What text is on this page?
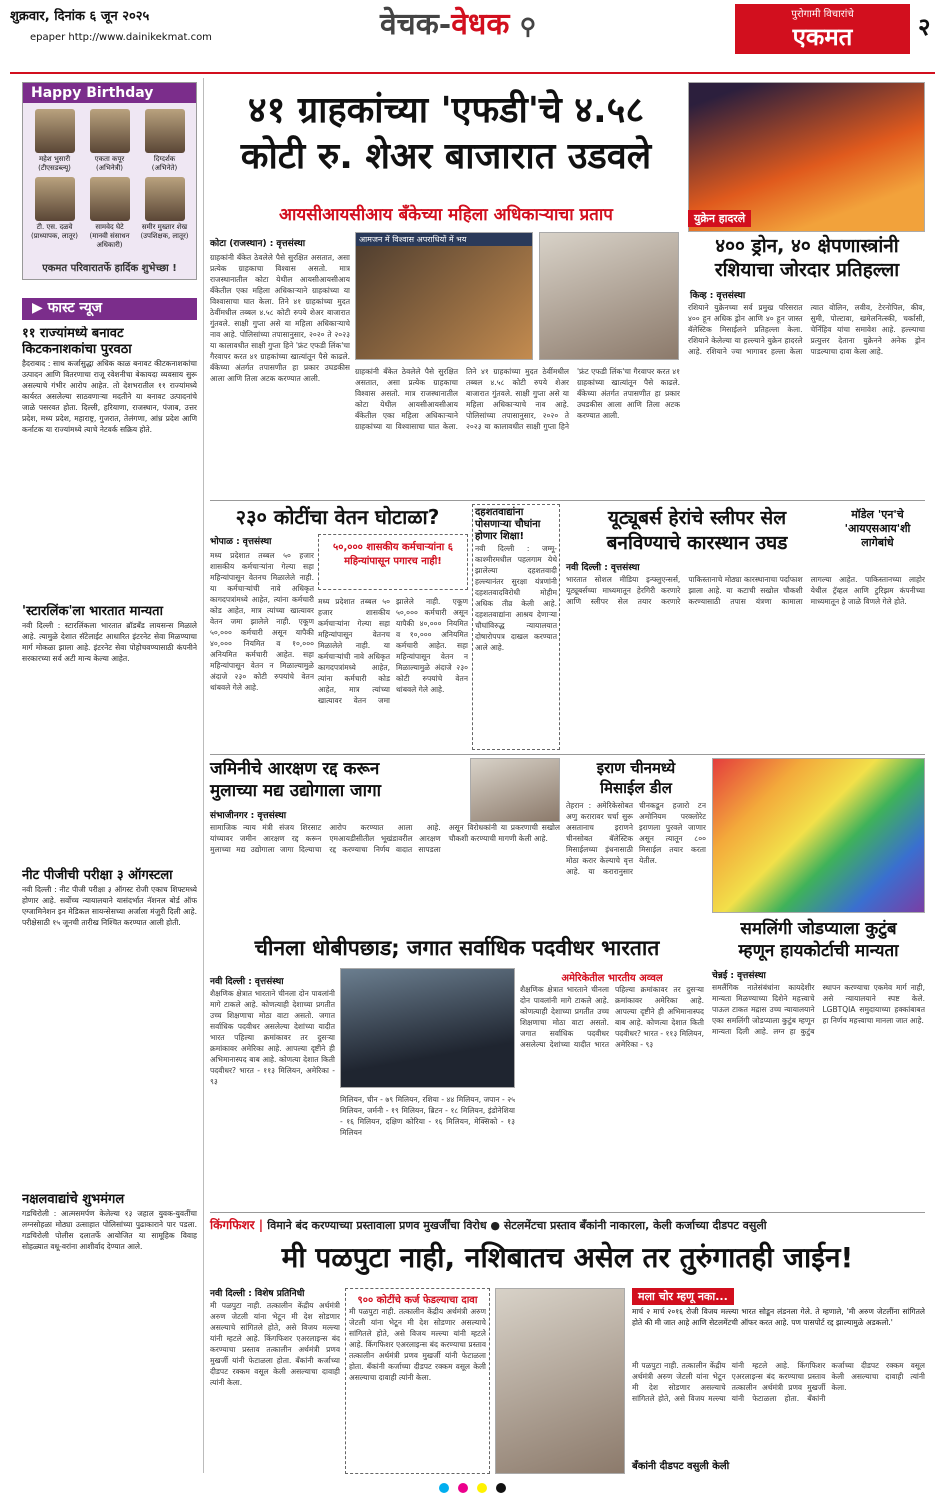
शुक्रवार, दिनांक ६ जून २०२५
epaper http://www.dainikekmat.com	वेचक-वेधक ⚲	पुरोगामी विचारांचे
एकमत	२
Happy Birthday
महेश भुसारी
(टीएसडब्ल्यू)
एकता कपूर
(अभिनेत्री)
दिग्दर्शक
(अभिनेते)
टी. एस. दळवे
(प्राध्यापक, लातूर)
सामवेद घेटे
(मानवी संसाधन अधिकारी)
समीर मुख्तार शेख
(उपशिक्षक, लातूर)
एकमत परिवारातर्फे हार्दिक शुभेच्छा !
▶ फास्ट न्यूज
११ राज्यांमध्ये बनावट किटकनाशकांचा पुरवठा
हैदराबाद : साथ कर्जासुद्धा अधिक काळ बनावट कीटकनाशकांचा उत्पादन आणि वितरणाचा राजू रवेशनीचा बेकायदा व्यवसाय सुरू असल्याचे गंभीर आरोप आहेत. तो देशभरातील ११ राज्यांमध्ये कार्यरत असलेल्या साठवणाऱ्या मदतीने या बनावट उत्पादनांचे जाळे पसरवत होता. दिल्ली, हरियाणा, राजस्थान, पंजाब, उत्तर प्रदेश, मध्य प्रदेश, महाराष्ट्र, गुजरात, तेलंगणा, आंध्र प्रदेश आणि कर्नाटक या राज्यांमध्ये त्याचे नेटवर्क सक्रिय होते.
'स्टारलिंक'ला भारतात मान्यता
नवी दिल्ली : स्टारलिंकला भारतात ब्रॉडबँड लायसन्स मिळाले आहे. त्यामुळे देशात सॅटेलाईट आधारित इंटरनेट सेवा मिळण्याचा मार्ग मोकळा झाला आहे. इंटरनेट सेवा पोहोचवण्यासाठी कंपनीने सरकारच्या सर्व अटी मान्य केल्या आहेत.
नीट पीजीची परीक्षा ३ ऑगस्टला
नवी दिल्ली : नीट पीजी परीक्षा ३ ऑगस्ट रोजी एकाच शिफ्टमध्ये होणार आहे. सर्वोच्च न्यायालयाने यासंदर्भात नॅशनल बोर्ड ऑफ एग्जामिनेशन इन मेडिकल सायन्सेसच्या अर्जाला मंजुरी दिली आहे. परीक्षेसाठी १५ जूनची तारीख निश्चित करण्यात आली होती.
नक्षलवाद्यांचे शुभमंगल
गडचिरोली : आत्मसमर्पण केलेल्या १३ जहाल युवक-युवतींचा लग्नसोहळा मोठ्या उत्साहात पोलिसांच्या पुढाकाराने पार पडला. गडचिरोली पोलीस दलातर्फे आयोजित या सामूहिक विवाह सोहळ्यात वधू-वरांना आशीर्वाद देण्यात आले.
४१ ग्राहकांच्या 'एफडी'चे ४.५८
कोटी रु. शेअर बाजारात उडवले
आयसीआयसीआय बँकेच्या महिला अधिकाऱ्याचा प्रताप
कोटा (राजस्थान) : वृत्तसंस्था	आमजन में विश्वास अपराधियों में भय
ग्राहकांनी बँकेत ठेवलेले पैसे सुरक्षित असतात, असा प्रत्येक ग्राहकाचा विश्वास असतो. मात्र राजस्थानातील कोटा येथील आयसीआयसीआय बँकेतील एका महिला अधिकाऱ्याने ग्राहकांच्या या विश्वासाचा घात केला. तिने ४१ ग्राहकांच्या मुदत ठेवींमधील तब्बल ४.५८ कोटी रुपये शेअर बाजारात गुंतवले. साक्षी गुप्ता असे या महिला अधिकाऱ्याचे नाव आहे. पोलिसांच्या तपासानुसार, २०२० ते २०२३ या कालावधीत साक्षी गुप्ता हिने 'फ्रंट एफडी लिंक'चा गैरवापर करत ४१ ग्राहकांच्या खात्यांतून पैसे काढले. बँकेच्या अंतर्गत तपासणीत हा प्रकार उघडकीस आला आणि तिला अटक करण्यात आली.
ग्राहकांनी बँकेत ठेवलेले पैसे सुरक्षित असतात, असा प्रत्येक ग्राहकाचा विश्वास असतो. मात्र राजस्थानातील कोटा येथील आयसीआयसीआय बँकेतील एका महिला अधिकाऱ्याने ग्राहकांच्या या विश्वासाचा घात केला. तिने ४१ ग्राहकांच्या मुदत ठेवींमधील तब्बल ४.५८ कोटी रुपये शेअर बाजारात गुंतवले. साक्षी गुप्ता असे या महिला अधिकाऱ्याचे नाव आहे. पोलिसांच्या तपासानुसार, २०२० ते २०२३ या कालावधीत साक्षी गुप्ता हिने 'फ्रंट एफडी लिंक'चा गैरवापर करत ४१ ग्राहकांच्या खात्यांतून पैसे काढले. बँकेच्या अंतर्गत तपासणीत हा प्रकार उघडकीस आला आणि तिला अटक करण्यात आली.
युक्रेन हादरले
४०० ड्रोन, ४० क्षेपणास्त्रांनी
रशियाचा जोरदार प्रतिहल्ला
किव्ह : वृत्तसंस्था
रशियाने युक्रेनच्या सर्व प्रमुख परिसरात ४०० हून अधिक ड्रोन आणि ४० हून जास्त बॅलेस्टिक मिसाईलने प्रतिहल्ला केला. रशियाने केलेल्या या हल्ल्याने युक्रेन हादरले आहे. रशियाने ज्या भागावर हल्ला केला त्यात वोलिन, लवीव, टेरनोपिल, कीव, सुमी, पोल्टावा, खमेलनित्स्की, चर्कासी, चेर्निहिव यांचा समावेश आहे. हल्ल्याचा प्रत्युत्तर देताना युक्रेनने अनेक ड्रोन पाडल्याचा दावा केला आहे.
२३० कोटींचा वेतन घोटाळा?
भोपाळ : वृत्तसंस्था	५०,००० शासकीय कर्मचाऱ्यांना ६ महिन्यांपासून पगारच नाही!
मध्य प्रदेशात तब्बल ५० हजार शासकीय कर्मचाऱ्यांना गेल्या सहा महिन्यांपासून वेतनच मिळालेले नाही. या कर्मचाऱ्यांची नावे अधिकृत कागदपत्रांमध्ये आहेत, त्यांना कर्मचारी कोड आहेत, मात्र त्यांच्या खात्यावर वेतन जमा झालेले नाही. एकूण ५०,००० कर्मचारी असून यापैकी ४०,००० नियमित व १०,००० अनियमित कर्मचारी आहेत. सहा महिन्यांपासून वेतन न मिळाल्यामुळे अंदाजे २३० कोटी रुपयांचे वेतन थांबवले गेले आहे.
मध्य प्रदेशात तब्बल ५० हजार शासकीय कर्मचाऱ्यांना गेल्या सहा महिन्यांपासून वेतनच मिळालेले नाही. या कर्मचाऱ्यांची नावे अधिकृत कागदपत्रांमध्ये आहेत, त्यांना कर्मचारी कोड आहेत, मात्र त्यांच्या खात्यावर वेतन जमा झालेले नाही. एकूण ५०,००० कर्मचारी असून यापैकी ४०,००० नियमित व १०,००० अनियमित कर्मचारी आहेत. सहा महिन्यांपासून वेतन न मिळाल्यामुळे अंदाजे २३० कोटी रुपयांचे वेतन थांबवले गेले आहे.
दहशतवाद्यांना पोसणाऱ्या चौघांना होणार शिक्षा!
नवी दिल्ली : जम्मू-काश्मीरमधील पहलगाम येथे झालेल्या दहशतवादी हल्ल्यानंतर सुरक्षा यंत्रणांनी दहशतवादविरोधी मोहीम अधिक तीव्र केली आहे. दहशतवाद्यांना आश्रय देणाऱ्या चौघांविरुद्ध न्यायालयात दोषारोपपत्र दाखल करण्यात आले आहे.
यूट्यूबर्स हेरांचे स्लीपर सेल
बनविण्याचे कारस्थान उघड
मॉडेल 'एन'चे 'आयएसआय'शी लागेबांधे
नवी दिल्ली : वृत्तसंस्था
भारतात सोशल मीडिया इन्फ्लुएन्सर्स, यूट्यूबर्सच्या माध्यमातून हेरगिरी करणारे आणि स्लीपर सेल तयार करणारे पाकिस्तानाचे मोठ्या कारस्थानाचा पर्दाफाश झाला आहे. या कटाची सखोल चौकशी करण्यासाठी तपास यंत्रणा कामाला लागल्या आहेत. पाकिस्तानच्या लाहोर येथील ट्रॅव्हल आणि टुरिझम कंपनीच्या माध्यमातून हे जाळे विणले गेले होते.
जमिनीचे आरक्षण रद्द करून
मुलाच्या मद्य उद्योगाला जागा
संभाजीनगर : वृत्तसंस्था
सामाजिक न्याय मंत्री संजय शिरसाट यांच्यावर जमीन आरक्षण रद्द करून मुलाच्या मद्य उद्योगाला जागा दिल्याचा आरोप करण्यात आला आहे. एमआयडीसीतील भूखंडावरील आरक्षण रद्द करण्याचा निर्णय वादात सापडला असून विरोधकांनी या प्रकरणाची सखोल चौकशी करण्याची मागणी केली आहे.
इराण चीनमध्ये
मिसाईल डील
तेहरान : अमेरिकेसोबत अणु करारावर चर्चा सुरू असतानाच इराणने चीनसोबत बॅलेस्टिक मिसाईलच्या इंधनासाठी मोठा करार केल्याचे वृत्त आहे. या करारानुसार चीनकडून हजारो टन अमोनियम परक्लोरेट इराणला पुरवले जाणार असून त्यातून ८०० मिसाईल तयार करता येतील.
समलिंगी जोडप्याला कुटुंब
म्हणून हायकोर्टाची मान्यता
चेन्नई : वृत्तसंस्था
समलैंगिक नातेसंबंधांना कायदेशीर मान्यता मिळण्याच्या दिशेने महत्त्वाचे पाऊल टाकत मद्रास उच्च न्यायालयाने एका समलिंगी जोडप्याला कुटुंब म्हणून मान्यता दिली आहे. लग्न हा कुटुंब स्थापन करण्याचा एकमेव मार्ग नाही, असे न्यायालयाने स्पष्ट केले. LGBTQIA समुदायाच्या हक्कांबाबत हा निर्णय महत्त्वाचा मानला जात आहे.
चीनला धोबीपछाड; जगात सर्वाधिक पदवीधर भारतात
नवी दिल्ली : वृत्तसंस्था
शैक्षणिक क्षेत्रात भारताने चीनला दोन पावलांनी मागे टाकले आहे. कोणत्याही देशाच्या प्रगतीत उच्च शिक्षणाचा मोठा वाटा असतो. जगात सर्वाधिक पदवीधर असलेल्या देशांच्या यादीत भारत पहिल्या क्रमांकावर तर दुसऱ्या क्रमांकावर अमेरिका आहे. आपल्या दृष्टीने ही अभिमानास्पद बाब आहे. कोणत्या देशात किती पदवीधर? भारत - ११३ मिलियन, अमेरिका - ९३
मिलियन, चीन - ७९ मिलियन, रशिया - ४४ मिलियन, जपान - २५ मिलियन, जर्मनी - १९ मिलियन, ब्रिटन - १८ मिलियन, इंडोनेशिया - १६ मिलियन, दक्षिण कोरिया - १६ मिलियन, मेक्सिको - १३ मिलियन
अमेरिकेतील भारतीय अव्वल
शैक्षणिक क्षेत्रात भारताने चीनला दोन पावलांनी मागे टाकले आहे. कोणत्याही देशाच्या प्रगतीत उच्च शिक्षणाचा मोठा वाटा असतो. जगात सर्वाधिक पदवीधर असलेल्या देशांच्या यादीत भारत पहिल्या क्रमांकावर तर दुसऱ्या क्रमांकावर अमेरिका आहे. आपल्या दृष्टीने ही अभिमानास्पद बाब आहे. कोणत्या देशात किती पदवीधर? भारत - ११३ मिलियन, अमेरिका - ९३
किंगफिशर | विमाने बंद करण्याच्या प्रस्तावाला प्रणव मुखर्जींचा विरोध ● सेटलमेंटचा प्रस्ताव बँकांनी नाकारला, केली कर्जाच्या दीडपट वसुली
मी पळपुटा नाही, नशिबातच असेल तर तुरुंगातही जाईन!
नवी दिल्ली : विशेष प्रतिनिधी
मी पळपुटा नाही. तत्कालीन केंद्रीय अर्थमंत्री अरुण जेटली यांना भेटून मी देश सोडणार असल्याचे सांगितले होते, असे विजय मल्ल्या यांनी म्हटले आहे. किंगफिशर एअरलाइन्स बंद करण्याचा प्रस्ताव तत्कालीन अर्थमंत्री प्रणव मुखर्जी यांनी फेटाळला होता. बँकांनी कर्जाच्या दीडपट रक्कम वसूल केली असल्याचा दावाही त्यांनी केला.
९०० कोटींचे कर्ज फेडल्याचा दावा
मी पळपुटा नाही. तत्कालीन केंद्रीय अर्थमंत्री अरुण जेटली यांना भेटून मी देश सोडणार असल्याचे सांगितले होते, असे विजय मल्ल्या यांनी म्हटले आहे. किंगफिशर एअरलाइन्स बंद करण्याचा प्रस्ताव तत्कालीन अर्थमंत्री प्रणव मुखर्जी यांनी फेटाळला होता. बँकांनी कर्जाच्या दीडपट रक्कम वसूल केली असल्याचा दावाही त्यांनी केला.
मला चोर म्हणू नका...
मार्च २ मार्च २०१६ रोजी विजय मल्ल्या भारत सोडून लंडनला गेले. ते म्हणाले, 'मी अरुण जेटलींना सांगितले होते की मी जात आहे आणि सेटलमेंटची ऑफर करत आहे. पण पासपोर्ट रद्द झाल्यामुळे अडकलो.'
मी पळपुटा नाही. तत्कालीन केंद्रीय अर्थमंत्री अरुण जेटली यांना भेटून मी देश सोडणार असल्याचे सांगितले होते, असे विजय मल्ल्या यांनी म्हटले आहे. किंगफिशर एअरलाइन्स बंद करण्याचा प्रस्ताव तत्कालीन अर्थमंत्री प्रणव मुखर्जी यांनी फेटाळला होता. बँकांनी कर्जाच्या दीडपट रक्कम वसूल केली असल्याचा दावाही त्यांनी केला.
बँकांनी दीडपट वसुली केली
